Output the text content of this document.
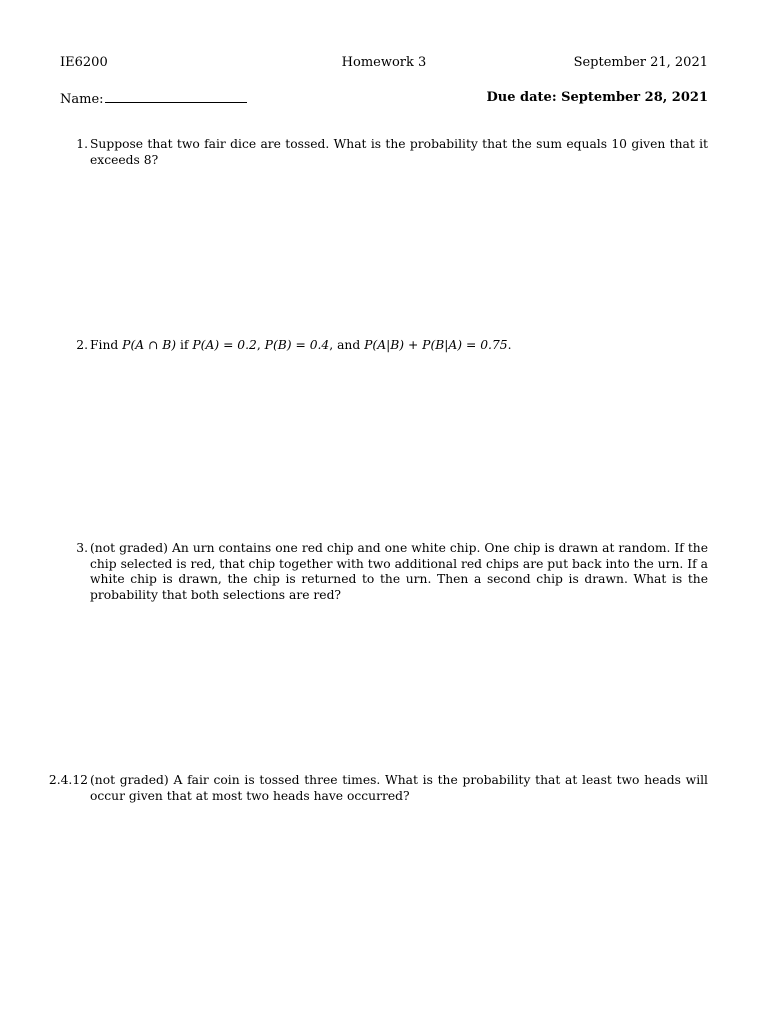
IE6200	Homework 3	September 21, 2021
Name:	Due date: September 28, 2021
1. Suppose that two fair dice are tossed. What is the probability that the sum equals 10 given that it exceeds 8?
2. Find P(A ∩ B) if P(A) = 0.2, P(B) = 0.4, and P(A|B) + P(B|A) = 0.75.
3. (not graded) An urn contains one red chip and one white chip. One chip is drawn at random. If the chip selected is red, that chip together with two additional red chips are put back into the urn. If a white chip is drawn, the chip is returned to the urn. Then a second chip is drawn. What is the probability that both selections are red?
2.4.12 (not graded) A fair coin is tossed three times. What is the probability that at least two heads will occur given that at most two heads have occurred?
